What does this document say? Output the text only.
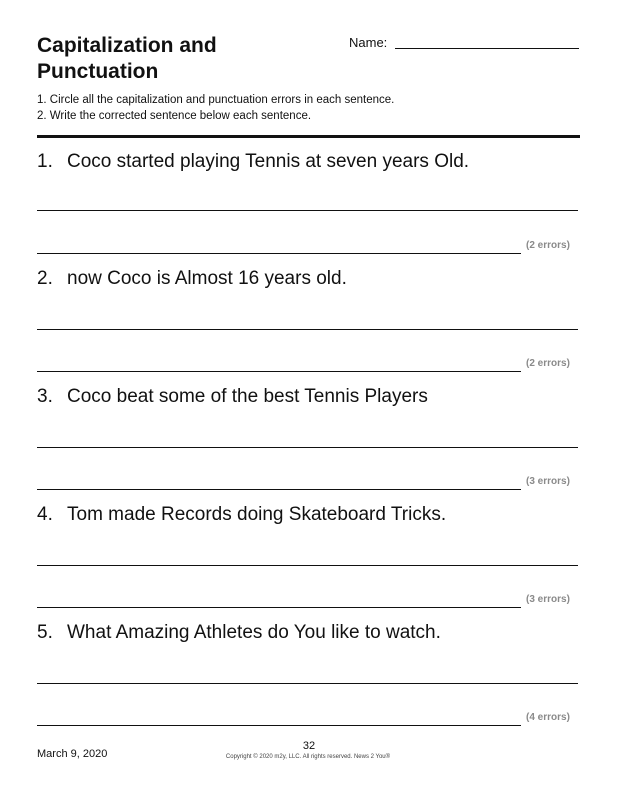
Capitalization and
Punctuation
Name:

1. Circle all the capitalization and punctuation errors in each sentence.

2. Write the corrected sentence below each sentence.

1. Coco started playing Tennis at seven years Old.
(2 errors)
2. now Coco is Almost 16 years old.
(2 errors)
3. Coco beat some of the best Tennis Players
(3 errors)
4. Tom made Records doing Skateboard Tricks.
(3 errors)
5. What Amazing Athletes do You like to watch.
(4 errors)
March 9, 2020
32
Copyright © 2020 m2y, LLC. All rights reserved. News 2 You®
